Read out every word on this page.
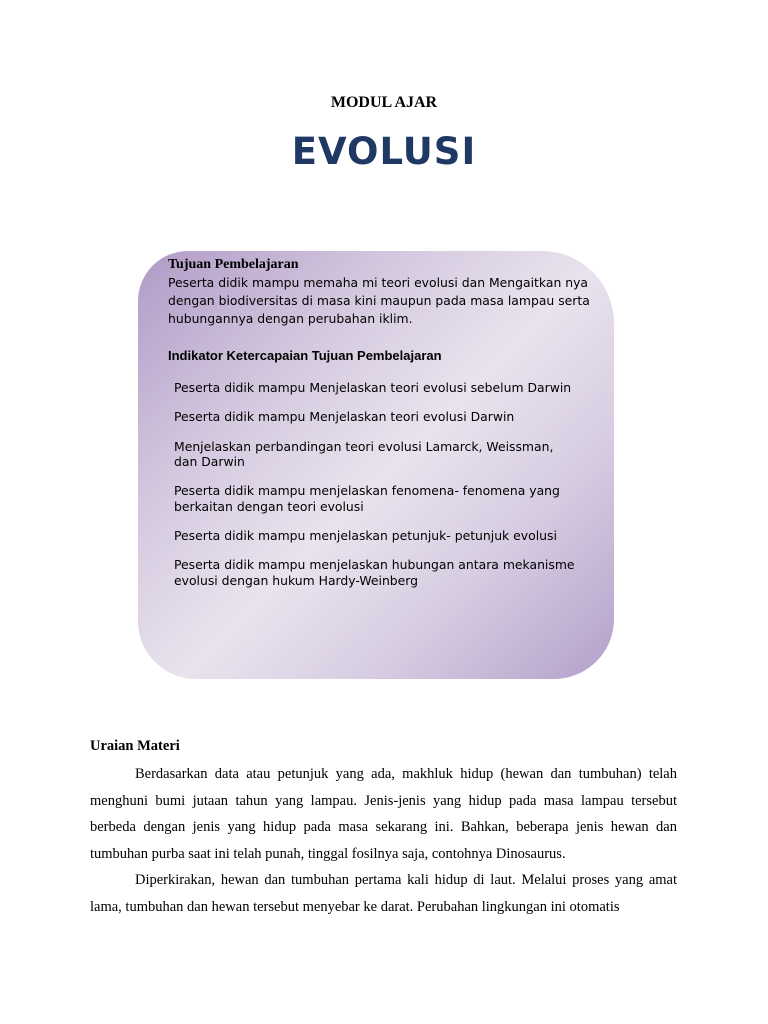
MODUL AJAR
EVOLUSI
Tujuan Pembelajaran
Peserta didik mampu memaha mi teori evolusi dan Mengaitkan nya dengan biodiversitas di masa kini maupun pada masa lampau serta hubungannya dengan perubahan iklim.
Indikator Ketercapaian Tujuan Pembelajaran
Peserta didik mampu Menjelaskan teori evolusi sebelum Darwin
Peserta didik mampu Menjelaskan teori evolusi Darwin
Menjelaskan perbandingan teori evolusi Lamarck, Weissman, dan Darwin
Peserta didik mampu menjelaskan fenomena- fenomena yang berkaitan dengan teori evolusi
Peserta didik mampu menjelaskan petunjuk- petunjuk evolusi
Peserta didik mampu menjelaskan hubungan antara mekanisme evolusi dengan hukum Hardy-Weinberg
Uraian Materi

Berdasarkan data atau petunjuk yang ada, makhluk hidup (hewan dan tumbuhan) telah menghuni bumi jutaan tahun yang lampau. Jenis-jenis yang hidup pada masa lampau tersebut berbeda dengan jenis yang hidup pada masa sekarang ini. Bahkan, beberapa jenis hewan dan tumbuhan purba saat ini telah punah, tinggal fosilnya saja, contohnya Dinosaurus.

Diperkirakan, hewan dan tumbuhan pertama kali hidup di laut. Melalui proses yang amat lama, tumbuhan dan hewan tersebut menyebar ke darat. Perubahan lingkungan ini otomatis
